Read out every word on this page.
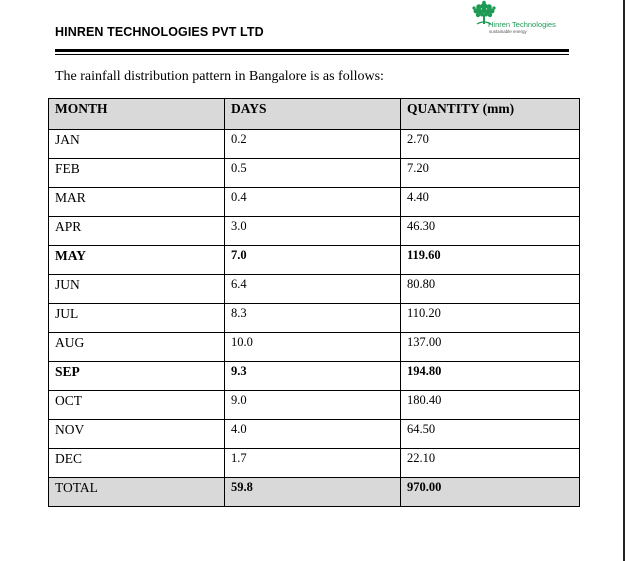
HINREN TECHNOLOGIES PVT LTD
Hinren Technologies
sustainable energy
The rainfall distribution pattern in Bangalore is as follows:
MONTH	DAYS	QUANTITY (mm)
JAN	0.2	2.70
FEB	0.5	7.20
MAR	0.4	4.40
APR	3.0	46.30
MAY	7.0	119.60
JUN	6.4	80.80
JUL	8.3	110.20
AUG	10.0	137.00
SEP	9.3	194.80
OCT	9.0	180.40
NOV	4.0	64.50
DEC	1.7	22.10
TOTAL	59.8	970.00
